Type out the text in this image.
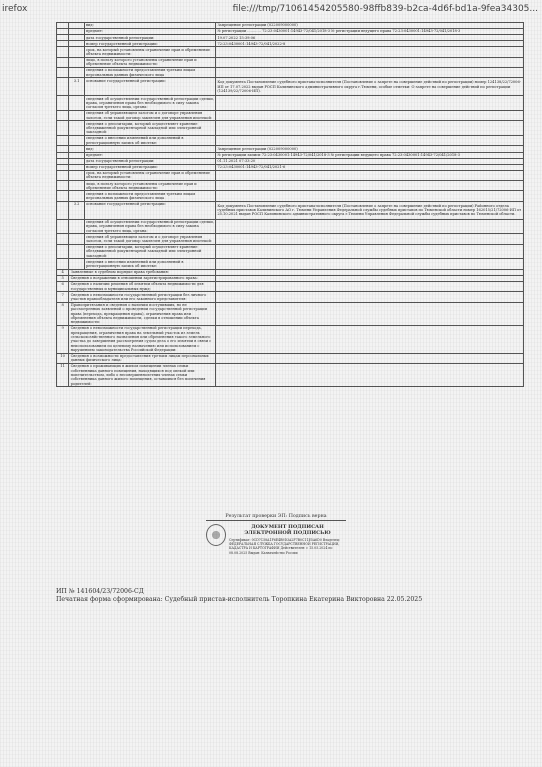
irefox	file:///tmp/71061454205580-98ffb839-b2ca-4d6f-bd1a-9fea34305...
		вид:	Запрещение регистрации (022009000000)
		предмет:	№ регистрации ............ 72:23:0430001:14943-72/041/2018-3 № регистрации ведущего права 72:23:0430001:14943-72/041/2018-3
		дата государственной регистрации:	19.07.2022 15:39:06
		номер государственной регистрации:	72:23:0430001:14943-72/041/2022-8
		срок, на который установлены ограничение прав и обременение объекта недвижимости:	
		лицо, в пользу которого установлены ограничение прав и обременение объекта недвижимости:	
		сведения о возможности предоставления третьим лицам персональных данных физического лица	
	3.1	основание государственной регистрации:	Код документа Постановление судебного пристава-исполнителя (Постановление о запрете на совершение действий по регистрации) номер 124138/22/72006-ИП от 17.07.2022 выдан РОСП Калининского административного округа г.Тюмени, особые отметки: О запрете на совершение действий по регистрации (124139/22/72006-ИП).
		сведения об осуществлении государственной регистрации сделки, права, ограничения права без необходимого в силу закона согласия третьего лица, органа:	
		сведения об управляющем залогом и о договоре управления залогом, если такой договор заключен для управления ипотекой:	
		сведения о депозитарии, который осуществляет хранение обездвиженной документарной закладной или электронной закладной:	
		сведения о внесении изменений или дополнений в регистрационную запись об ипотеке:	
		вид:	Запрещение регистрации (022009000000)
		предмет:	№ регистрации записи 72:23:0430001:14943-72/041/2018-3 № регистрации ведущего права 72:23:0430001:14943-72/041/2018-3
		дата государственной регистрации:	01.11.2021 07:33:20
		номер государственной регистрации:	72:23:0430001:14943-72/041/2021-6
		срок, на который установлены ограничение прав и обременение объекта недвижимости:	
		лицо, в пользу которого установлены ограничение прав и обременение объекта недвижимости:	
		сведения о возможности предоставления третьим лицам персональных данных физического лица	
	3.2	основание государственной регистрации:	Код документа Постановление судебного пристава-исполнителя (Постановление о запрете на совершение действий по регистрации) Районного отдела судебных приставов Калининского АО г. Тюмени Управления Федеральной службы судебных приставов по Тюменской области номер 162015/21/72006-ИП от 25.10.2021 выдан РОСП Калининского административного округа г.Тюмени Управления Федеральной службы судебных приставов по Тюменской области.
		сведения об осуществлении государственной регистрации сделки, права, ограничения права без необходимого в силу закона согласия третьего лица, органа:	
		сведения об управляющем залогом и о договоре управления залогом, если такой договор заключен для управления ипотекой:	
		сведения о депозитарии, который осуществляет хранение обездвиженной документарной закладной или электронной закладной:	
		сведения о внесении изменений или дополнений в регистрационную запись об ипотеке:	
4	Заявленные в судебном порядке права требования:		
5	Сведения о возражении в отношении зарегистрированного права:		
6	Сведения о наличии решения об изъятии объекта недвижимости для государственных и муниципальных нужд:		
7	Сведения о невозможности государственной регистрации без личного участия правообладателя или его законного представителя:		
8	Правопритязания и сведения о наличии поступивших, но не рассмотренных заявлений о проведении государственной регистрации права (перехода, прекращения права), ограничения права или обременения объекта недвижимости, сделки в отношении объекта недвижимости:		
9	Сведения о невозможности государственной регистрации перехода, прекращения, ограничения права на земельный участок из земель сельскохозяйственного назначения или обременения такого земельного участка до завершения рассмотрения судом дела о его изъятии в связи с неиспользованием по целевому назначению или использованием с нарушением законодательства Российской Федерации:		
10	Сведения о возможности предоставления третьим лицам персональных данных физического лица:		
11	Сведения о проживающих в жилом помещении членах семьи собственника данного помещения, находящихся под опекой или попечительством, либо о несовершеннолетних членах семьи собственника данного жилого помещения, оставшихся без попечения родителей:		
Результат проверки ЭП: Подпись верна
ДОКУМЕНТ ПОДПИСАН ЭЛЕКТРОННОЙ ПОДПИСЬЮ
Сертификат: 0CD7C58A1F6E4B9D3A2F7B0C11E5A6D0 Владелец: ФЕДЕРАЛЬНАЯ СЛУЖБА ГОСУДАРСТВЕННОЙ РЕГИСТРАЦИИ, КАДАСТРА И КАРТОГРАФИИ Действителен: с 15.05.2024 по 08.08.2025 Выдан: Казначейство России
ИП № 141604/23/72006-СД
Печатная форма сформирована: Судебный пристав-исполнитель Торопкина Екатерина Викторовна 22.05.2025
